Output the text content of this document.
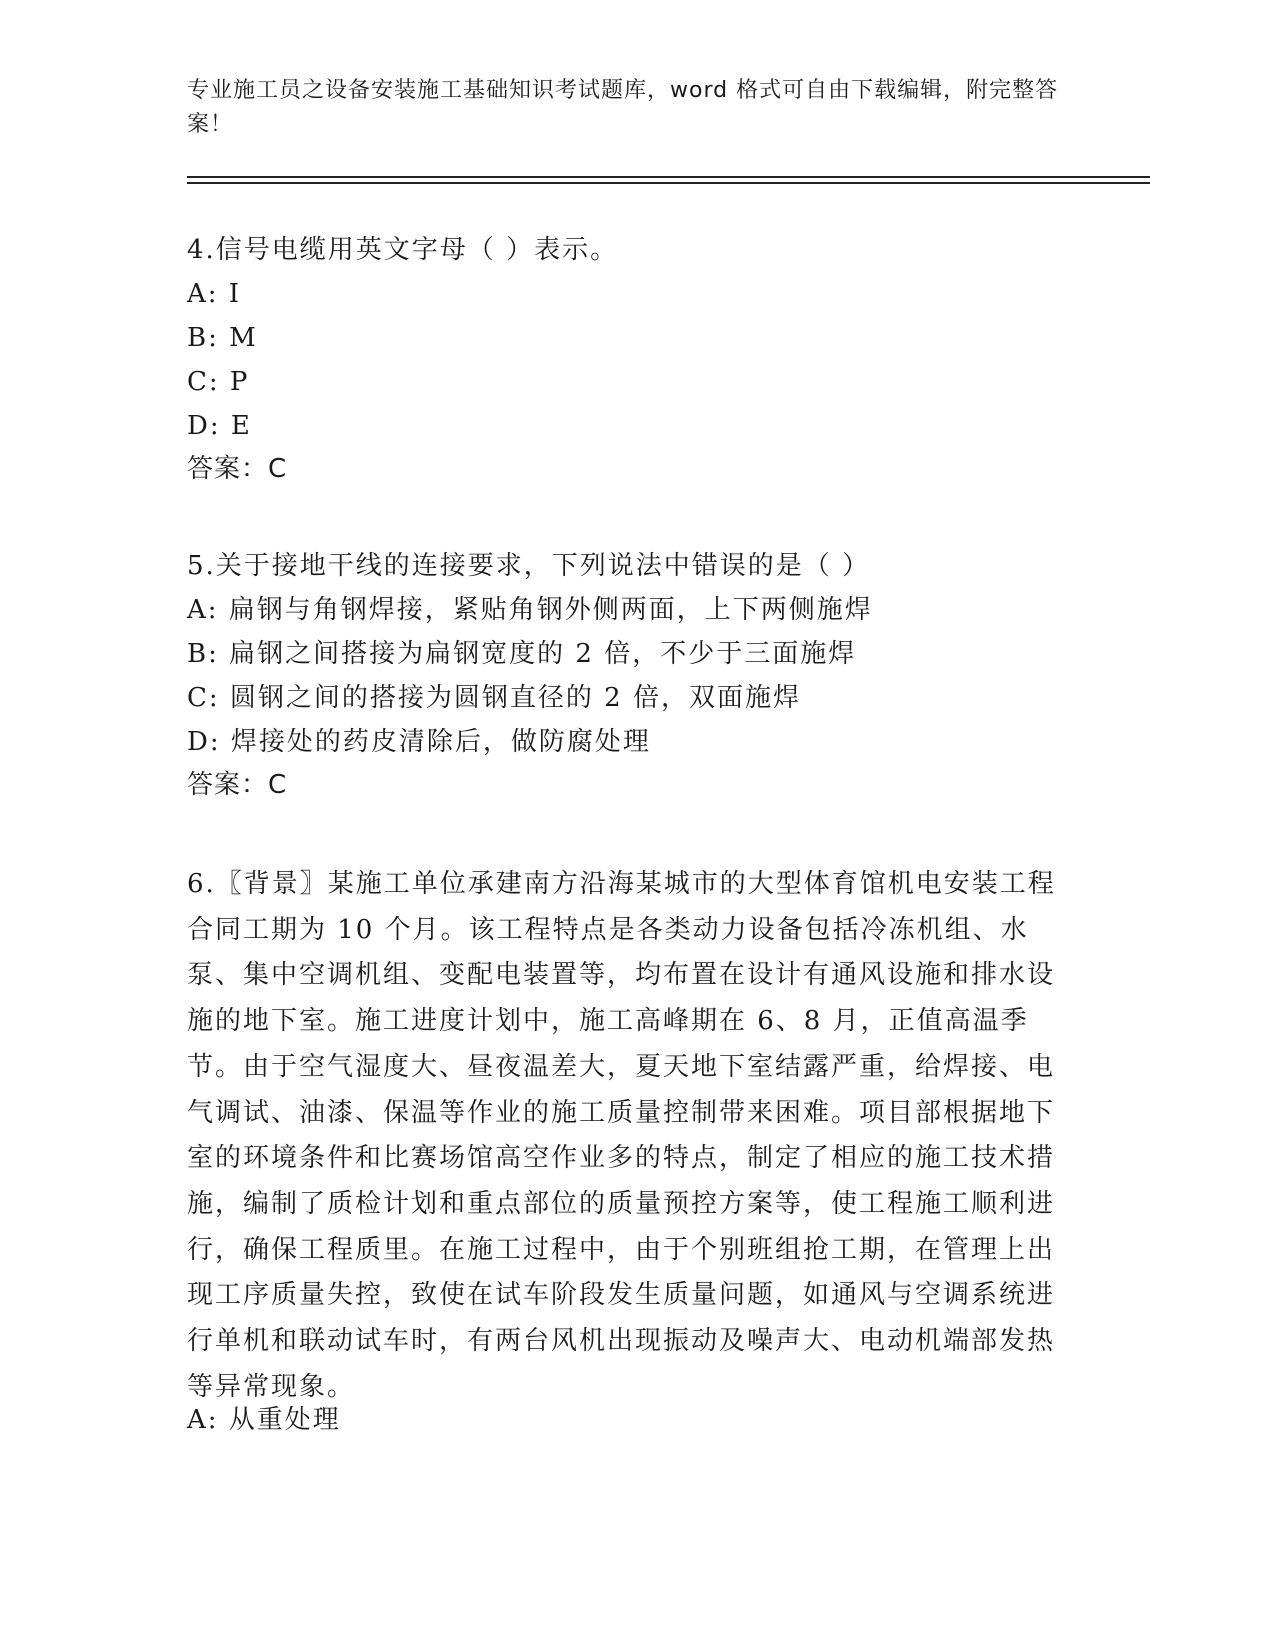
专业施工员之设备安装施工基础知识考试题库，word 格式可自由下载编辑，附完整答案！
4.信号电缆用英文字母（ ）表示。
A: I
B: M
C: P
D: E
答案：C
5.关于接地干线的连接要求，下列说法中错误的是（ ）
A: 扁钢与角钢焊接，紧贴角钢外侧两面，上下两侧施焊
B: 扁钢之间搭接为扁钢宽度的 2 倍，不少于三面施焊
C: 圆钢之间的搭接为圆钢直径的 2 倍，双面施焊
D: 焊接处的药皮清除后，做防腐处理
答案：C

6.〖背景〗某施工单位承建南方沿海某城市的大型体育馆机电安装工程合同工期为 10 个月。该工程特点是各类动力设备包括冷冻机组、水泵、集中空调机组、变配电装置等，均布置在设计有通风设施和排水设施的地下室。施工进度计划中，施工高峰期在 6、8 月，正值高温季节。由于空气湿度大、昼夜温差大，夏天地下室结露严重，给焊接、电气调试、油漆、保温等作业的施工质量控制带来困难。项目部根据地下室的环境条件和比赛场馆高空作业多的特点，制定了相应的施工技术措施，编制了质检计划和重点部位的质量预控方案等，使工程施工顺利进行，确保工程质里。在施工过程中，由于个别班组抢工期，在管理上出现工序质量失控，致使在试车阶段发生质量问题，如通风与空调系统进行单机和联动试车时，有两台风机出现振动及噪声大、电动机端部发热等异常现象。

A: 从重处理
